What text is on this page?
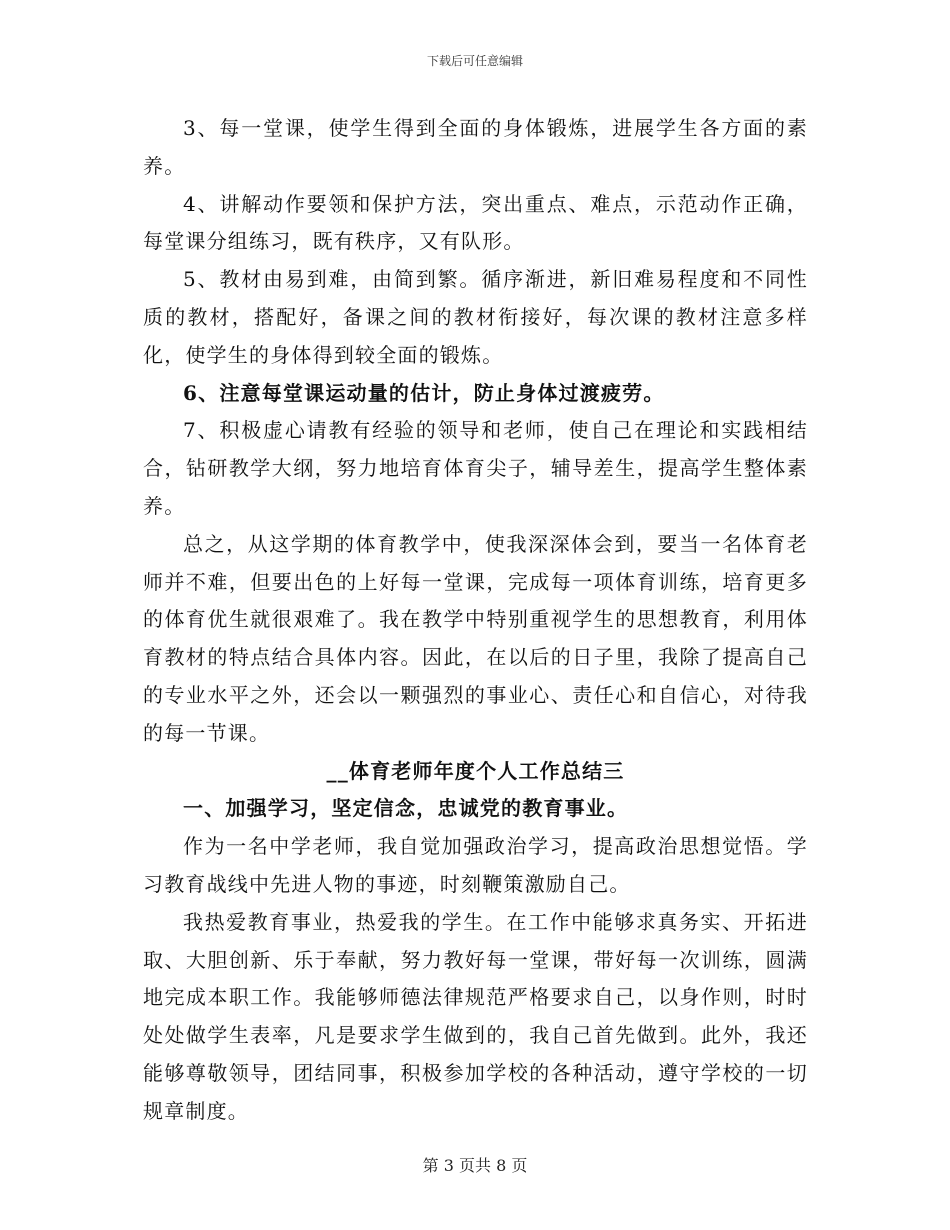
下载后可任意编辑

3、每一堂课，使学生得到全面的身体锻炼，进展学生各方面的素养。

4、讲解动作要领和保护方法，突出重点、难点，示范动作正确，每堂课分组练习，既有秩序，又有队形。

5、教材由易到难，由简到繁。循序渐进，新旧难易程度和不同性质的教材，搭配好，备课之间的教材衔接好，每次课的教材注意多样化，使学生的身体得到较全面的锻炼。

6、注意每堂课运动量的估计，防止身体过渡疲劳。

7、积极虚心请教有经验的领导和老师，使自己在理论和实践相结合，钻研教学大纲，努力地培育体育尖子，辅导差生，提高学生整体素养。

总之，从这学期的体育教学中，使我深深体会到，要当一名体育老师并不难，但要出色的上好每一堂课，完成每一项体育训练，培育更多的体育优生就很艰难了。我在教学中特别重视学生的思想教育，利用体育教材的特点结合具体内容。因此，在以后的日子里，我除了提高自己的专业水平之外，还会以一颗强烈的事业心、责任心和自信心，对待我的每一节课。

__体育老师年度个人工作总结三

一、加强学习，坚定信念，忠诚党的教育事业。

作为一名中学老师，我自觉加强政治学习，提高政治思想觉悟。学习教育战线中先进人物的事迹，时刻鞭策激励自己。

我热爱教育事业，热爱我的学生。在工作中能够求真务实、开拓进取、大胆创新、乐于奉献，努力教好每一堂课，带好每一次训练，圆满地完成本职工作。我能够师德法律规范严格要求自己，以身作则，时时处处做学生表率，凡是要求学生做到的，我自己首先做到。此外，我还能够尊敬领导，团结同事，积极参加学校的各种活动，遵守学校的一切规章制度。

第 3 页共 8 页
